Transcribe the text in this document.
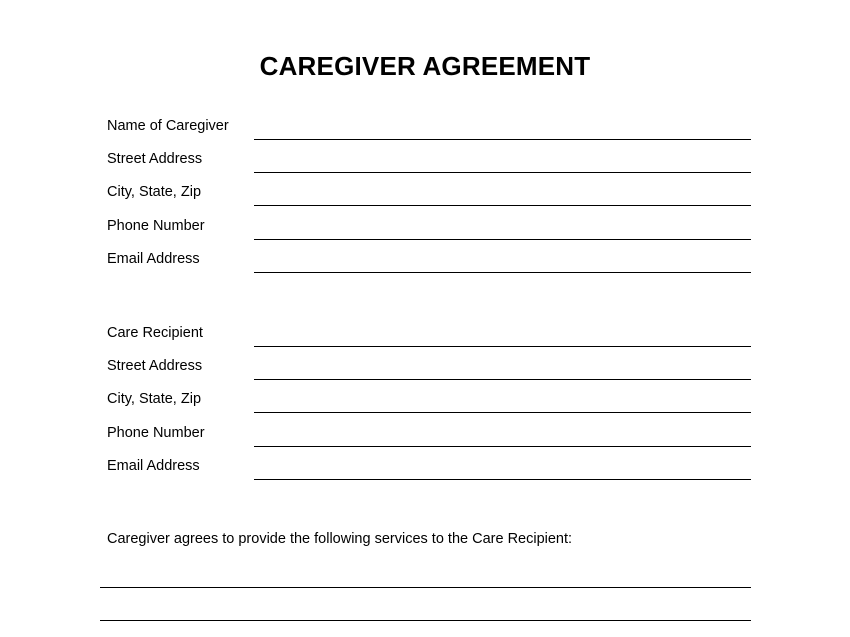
CAREGIVER AGREEMENT
Name of Caregiver
Street Address
City, State, Zip
Phone Number
Email Address
Care Recipient
Street Address
City, State, Zip
Phone Number
Email Address
Caregiver agrees to provide the following services to the Care Recipient:
